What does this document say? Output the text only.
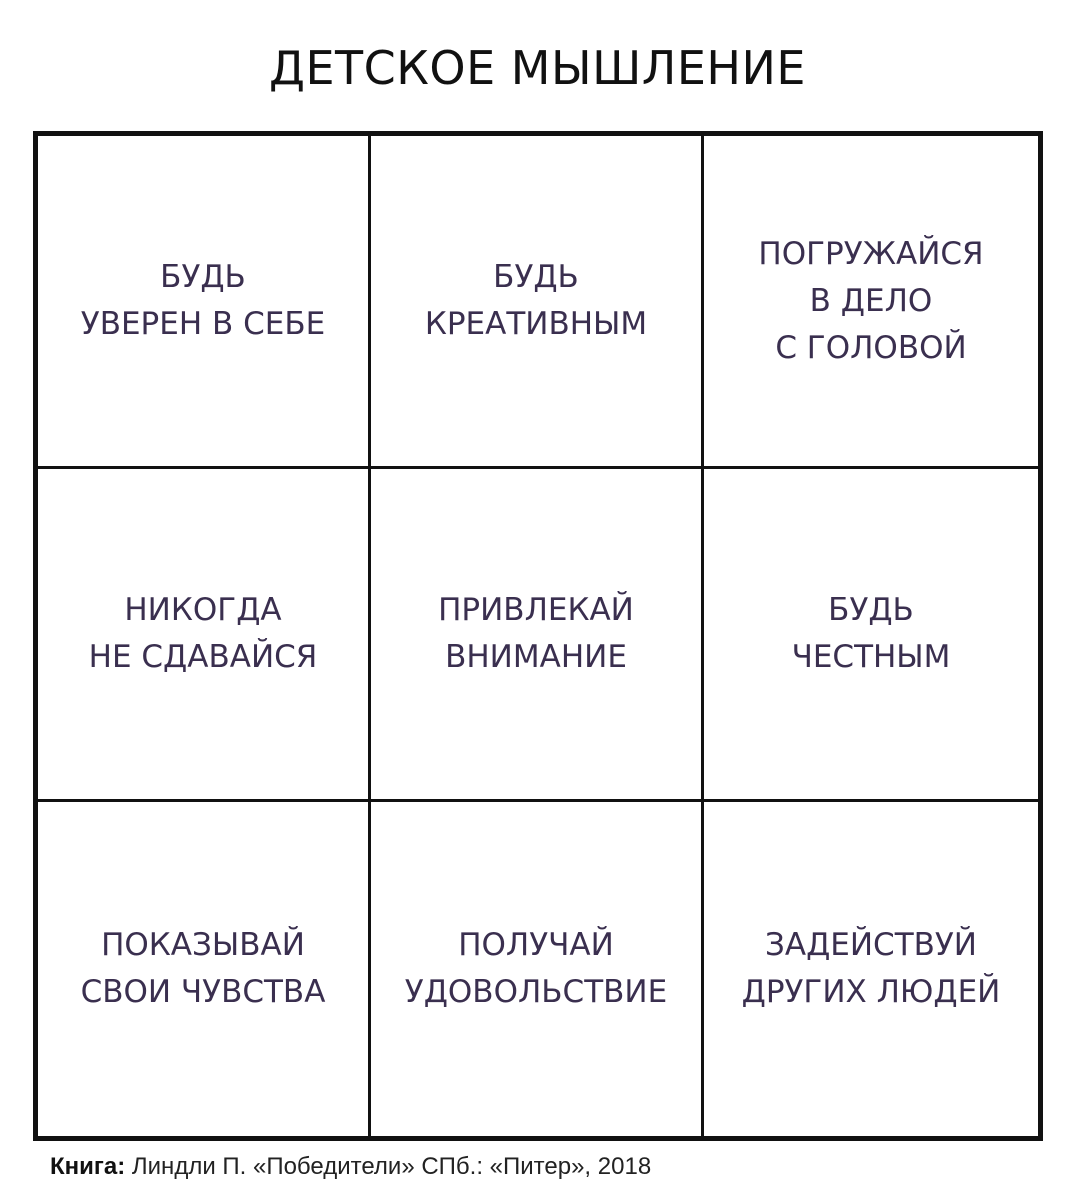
ДЕТСКОЕ МЫШЛЕНИЕ
БУДЬ
УВЕРЕН В СЕБЕ
БУДЬ
КРЕАТИВНЫМ
ПОГРУЖАЙСЯ
В ДЕЛО
С ГОЛОВОЙ
НИКОГДА
НЕ СДАВАЙСЯ
ПРИВЛЕКАЙ
ВНИМАНИЕ
БУДЬ
ЧЕСТНЫМ
ПОКАЗЫВАЙ
СВОИ ЧУВСТВА
ПОЛУЧАЙ
УДОВОЛЬСТВИЕ
ЗАДЕЙСТВУЙ
ДРУГИХ ЛЮДЕЙ
Книга: Линдли П. «Победители» СПб.: «Питер», 2018
